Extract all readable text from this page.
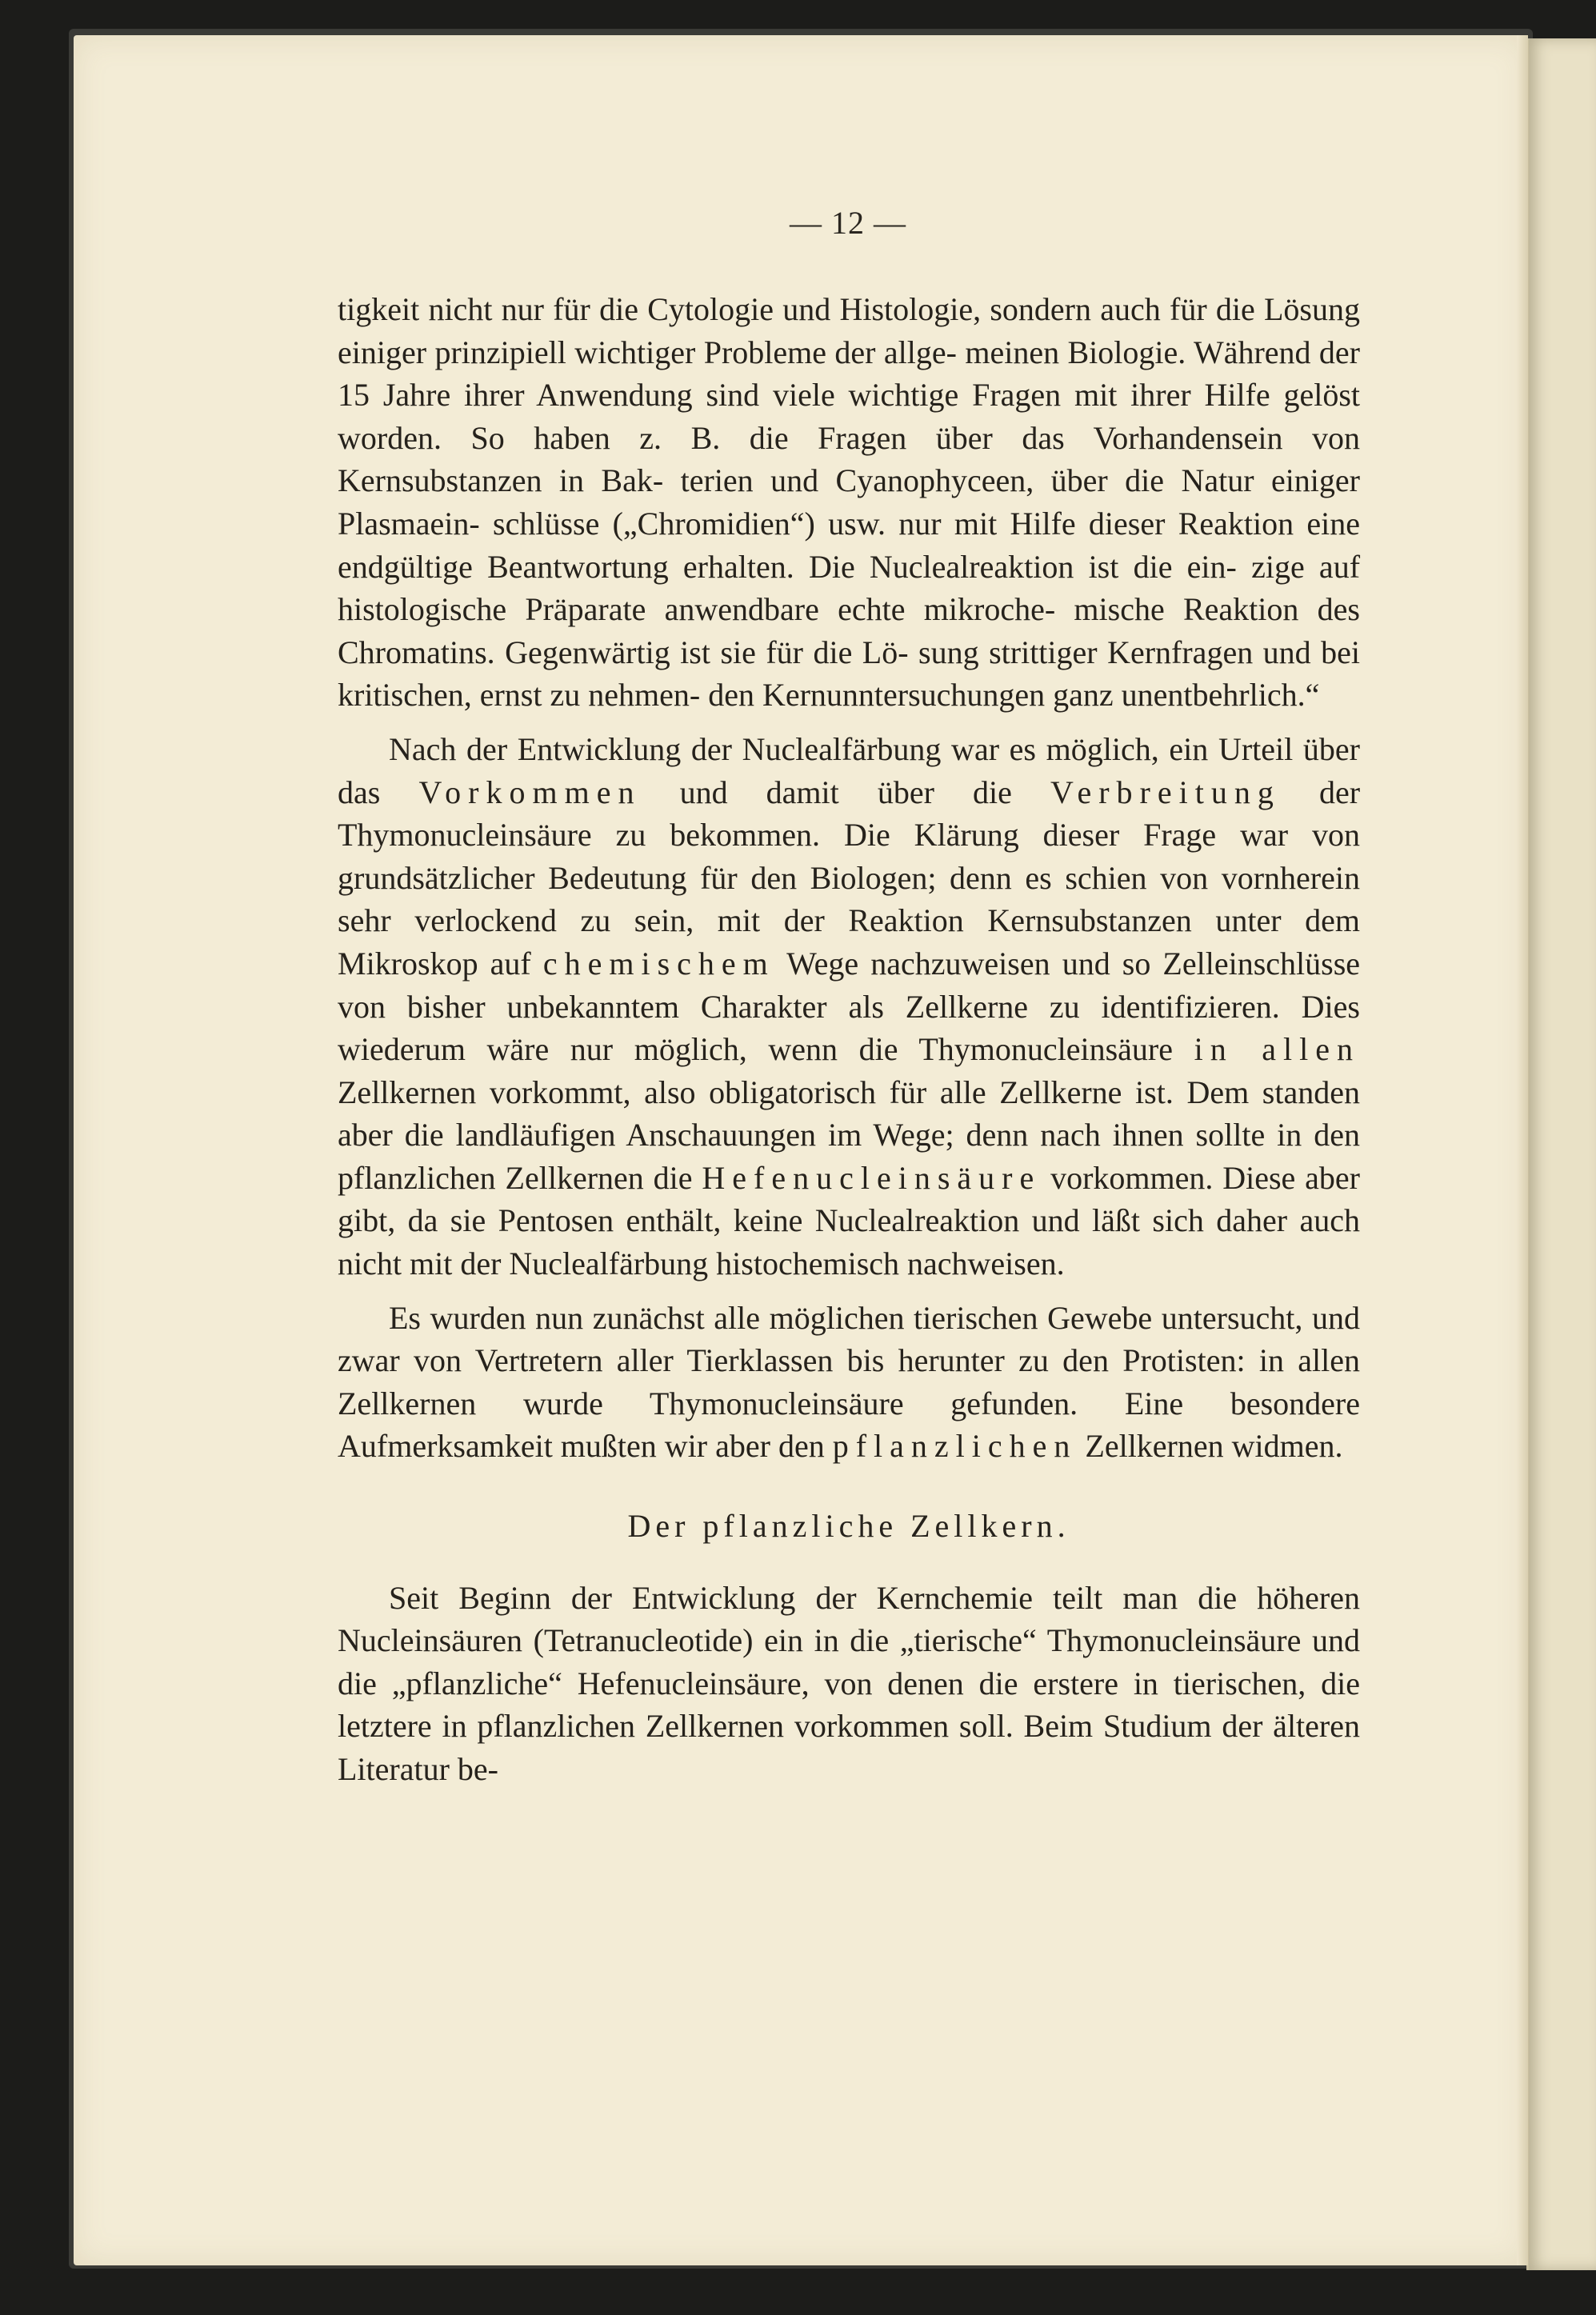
— 12 —

tigkeit nicht nur für die Cytologie und Histologie, sondern auch für die Lösung einiger prinzipiell wichtiger Probleme der allge- meinen Biologie. Während der 15 Jahre ihrer Anwendung sind viele wichtige Fragen mit ihrer Hilfe gelöst worden. So haben z. B. die Fragen über das Vorhandensein von Kernsubstanzen in Bak- terien und Cyanophyceen, über die Natur einiger Plasmaein- schlüsse („Chromidien“) usw. nur mit Hilfe dieser Reaktion eine endgültige Beantwortung erhalten. Die Nuclealreaktion ist die ein- zige auf histologische Präparate anwendbare echte mikroche- mische Reaktion des Chromatins. Gegenwärtig ist sie für die Lö- sung strittiger Kernfragen und bei kritischen, ernst zu nehmen- den Kernunntersuchungen ganz unentbehrlich.“

Nach der Entwicklung der Nuclealfärbung war es möglich, ein Urteil über das Vorkommen und damit über die Verbreitung der Thymonucleinsäure zu bekommen. Die Klärung dieser Frage war von grundsätzlicher Bedeutung für den Biologen; denn es schien von vornherein sehr verlockend zu sein, mit der Reaktion Kernsubstanzen unter dem Mikroskop auf chemischem Wege nachzuweisen und so Zelleinschlüsse von bisher unbekanntem Charakter als Zellkerne zu identifizieren. Dies wiederum wäre nur möglich, wenn die Thymonucleinsäure in allen Zellkernen vorkommt, also obligatorisch für alle Zellkerne ist. Dem standen aber die landläufigen Anschauungen im Wege; denn nach ihnen sollte in den pflanzlichen Zellkernen die Hefenucleinsäure vorkommen. Diese aber gibt, da sie Pentosen enthält, keine Nuclealreaktion und läßt sich daher auch nicht mit der Nuclealfärbung histochemisch nachweisen.

Es wurden nun zunächst alle möglichen tierischen Gewebe untersucht, und zwar von Vertretern aller Tierklassen bis herunter zu den Protisten: in allen Zellkernen wurde Thymonucleinsäure gefunden. Eine besondere Aufmerksamkeit mußten wir aber den pflanzlichen Zellkernen widmen.

Der pflanzliche Zellkern.

Seit Beginn der Entwicklung der Kernchemie teilt man die höheren Nucleinsäuren (Tetranucleotide) ein in die „tierische“ Thymonucleinsäure und die „pflanzliche“ Hefenucleinsäure, von denen die erstere in tierischen, die letztere in pflanzlichen Zellkernen vorkommen soll. Beim Studium der älteren Literatur be-
